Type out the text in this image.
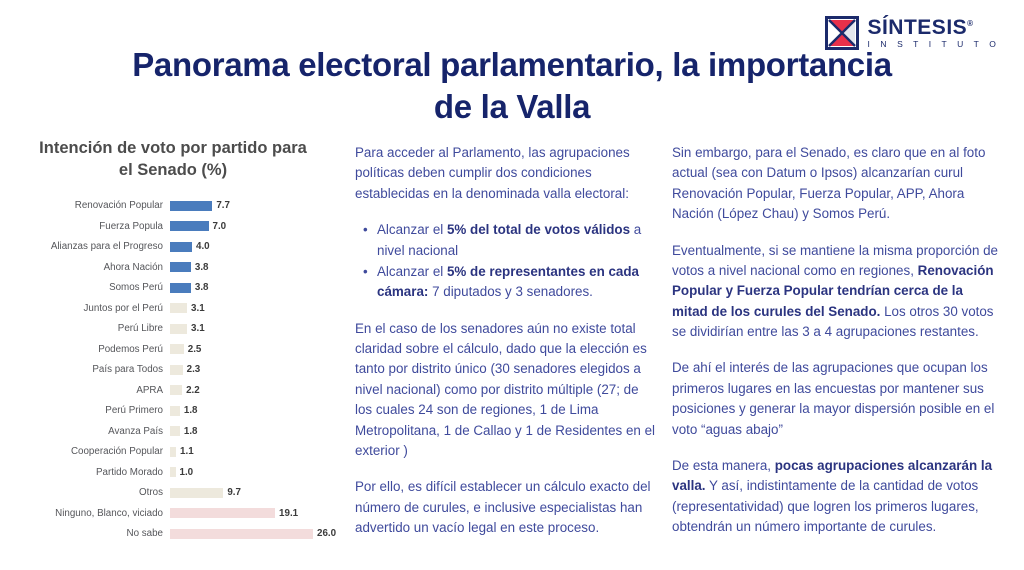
SÍNTESIS®
I N S T I T U T O
Panorama electoral parlamentario, la importancia de la Valla
Intención de voto por partido para el Senado (%)
Renovación Popular	7.7
Fuerza Popula	7.0
Alianzas para el Progreso	4.0
Ahora Nación	3.8
Somos Perú	3.8
Juntos por el Perú	3.1
Perú Libre	3.1
Podemos Perú	2.5
País para Todos	2.3
APRA	2.2
Perú Primero	1.8
Avanza País	1.8
Cooperación Popular	1.1
Partido Morado	1.0
Otros	9.7
Ninguno, Blanco, viciado	19.1
No sabe	26.0

Para acceder al Parlamento, las agrupaciones políticas deben cumplir dos condiciones establecidas en la denominada valla electoral:

• Alcanzar el 5% del total de votos válidos a nivel nacional
• Alcanzar el 5% de representantes en cada cámara: 7 diputados y 3 senadores.

En el caso de los senadores aún no existe total claridad sobre el cálculo, dado que la elección es tanto por distrito único (30 senadores elegidos a nivel nacional) como por distrito múltiple (27; de los cuales 24 son de regiones, 1 de Lima Metropolitana, 1 de Callao y 1 de Residentes en el exterior )

Por ello, es difícil establecer un cálculo exacto del número de curules, e inclusive especialistas han advertido un vacío legal en este proceso.

Sin embargo, para el Senado, es claro que en al foto actual (sea con Datum o Ipsos) alcanzarían curul Renovación Popular, Fuerza Popular, APP, Ahora Nación (López Chau) y Somos Perú.

Eventualmente, si se mantiene la misma proporción de votos a nivel nacional como en regiones, Renovación Popular y Fuerza Popular tendrían cerca de la mitad de los curules del Senado. Los otros 30 votos se dividirían entre las 3 a 4 agrupaciones restantes.

De ahí el interés de las agrupaciones que ocupan los primeros lugares en las encuestas por mantener sus posiciones y generar la mayor dispersión posible en el voto “aguas abajo”

De esta manera, pocas agrupaciones alcanzarán la valla. Y así, indistintamente de la cantidad de votos (representatividad) que logren los primeros lugares, obtendrán un número importante de curules.
